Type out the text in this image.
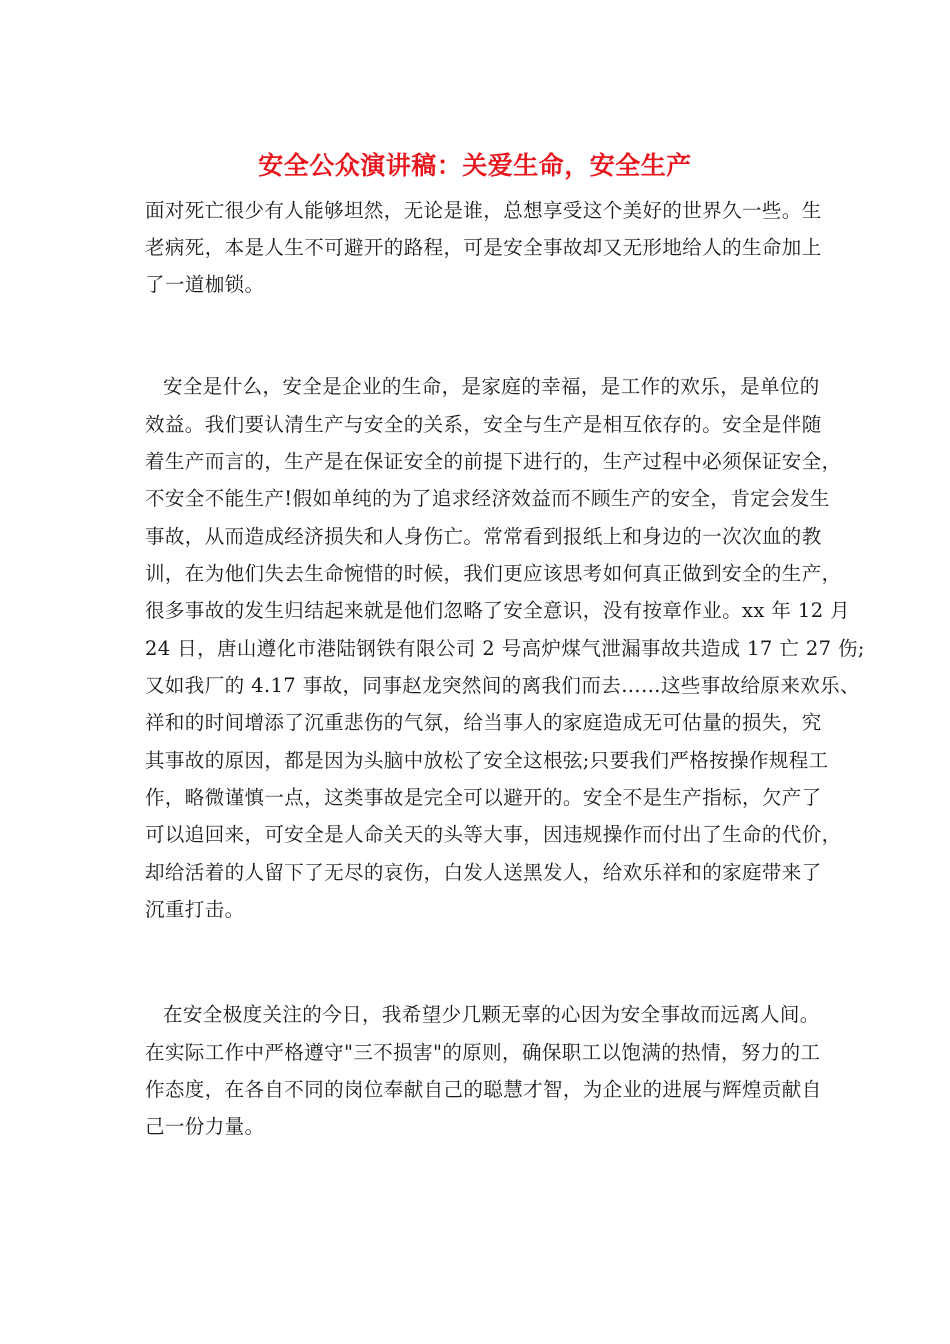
安全公众演讲稿：关爱生命，安全生产

面对死亡很少有人能够坦然，无论是谁，总想享受这个美好的世界久一些。生

老病死，本是人生不可避开的路程，可是安全事故却又无形地给人的生命加上

了一道枷锁。

安全是什么，安全是企业的生命，是家庭的幸福，是工作的欢乐，是单位的

效益。我们要认清生产与安全的关系，安全与生产是相互依存的。安全是伴随

着生产而言的，生产是在保证安全的前提下进行的，生产过程中必须保证安全，

不安全不能生产!假如单纯的为了追求经济效益而不顾生产的安全，肯定会发生

事故，从而造成经济损失和人身伤亡。常常看到报纸上和身边的一次次血的教

训，在为他们失去生命惋惜的时候，我们更应该思考如何真正做到安全的生产，

很多事故的发生归结起来就是他们忽略了安全意识，没有按章作业。xx 年 12 月

24 日，唐山遵化市港陆钢铁有限公司 2 号高炉煤气泄漏事故共造成 17 亡 27 伤;

又如我厂的 4.17 事故，同事赵龙突然间的离我们而去……这些事故给原来欢乐、

祥和的时间增添了沉重悲伤的气氛，给当事人的家庭造成无可估量的损失，究

其事故的原因，都是因为头脑中放松了安全这根弦;只要我们严格按操作规程工

作，略微谨慎一点，这类事故是完全可以避开的。安全不是生产指标，欠产了

可以追回来，可安全是人命关天的头等大事，因违规操作而付出了生命的代价，

却给活着的人留下了无尽的哀伤，白发人送黑发人，给欢乐祥和的家庭带来了

沉重打击。

在安全极度关注的今日，我希望少几颗无辜的心因为安全事故而远离人间。

在实际工作中严格遵守"三不损害"的原则，确保职工以饱满的热情，努力的工

作态度，在各自不同的岗位奉献自己的聪慧才智，为企业的进展与辉煌贡献自

己一份力量。
